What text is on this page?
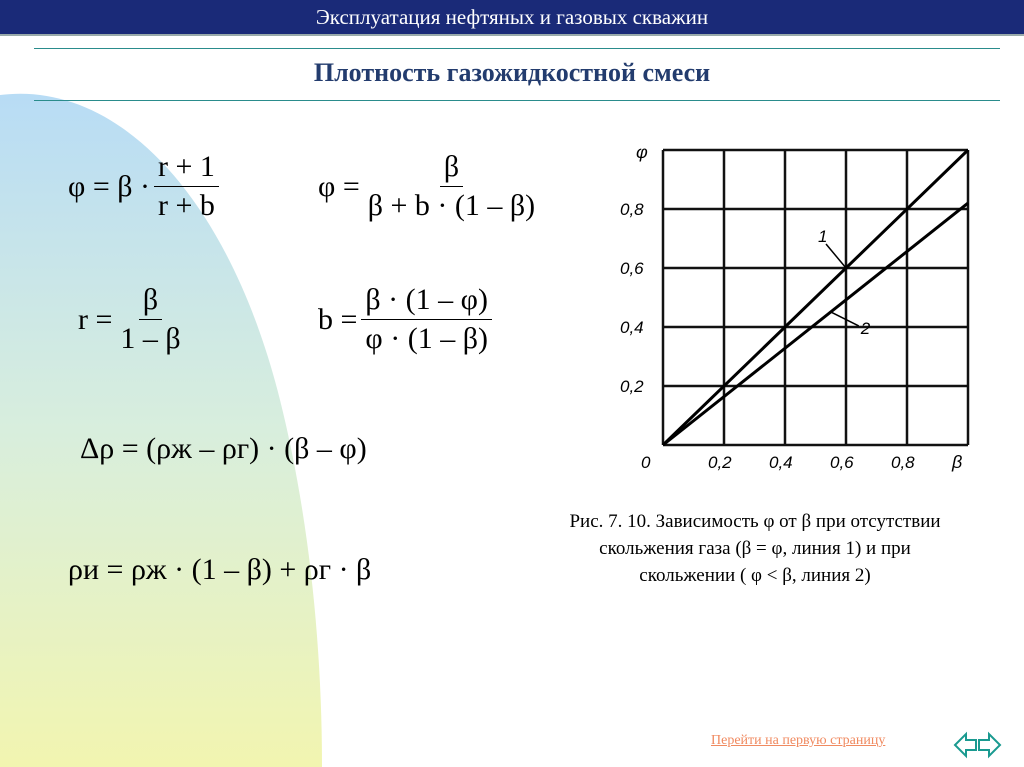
Эксплуатация нефтяных и газовых скважин
Плотность газожидкостной смеси
$\varphi = \beta \cdot \frac{r + 1}{r + b}$	$\varphi = \frac{\beta}{\beta + b \cdot (1 - \beta)}$
$r = \frac{\beta}{1 - \beta}$	$b = \frac{\beta \cdot (1 - \varphi)}{\varphi \cdot (1 - \beta)}$
Δρ = (ρж – ρг) · (β – φ)
ρи = ρж · (1 – β) + ρг · β
1
2
φ
β
0	0,2 0,4 0,6 0,8
0,2
0,4
0,6
0,8
Рис. 7. 10. Зависимость φ от β при отсутствии скольжения газа (β = φ, линия 1) и при скольжении ( φ < β, линия 2)
Перейти на первую страницу
